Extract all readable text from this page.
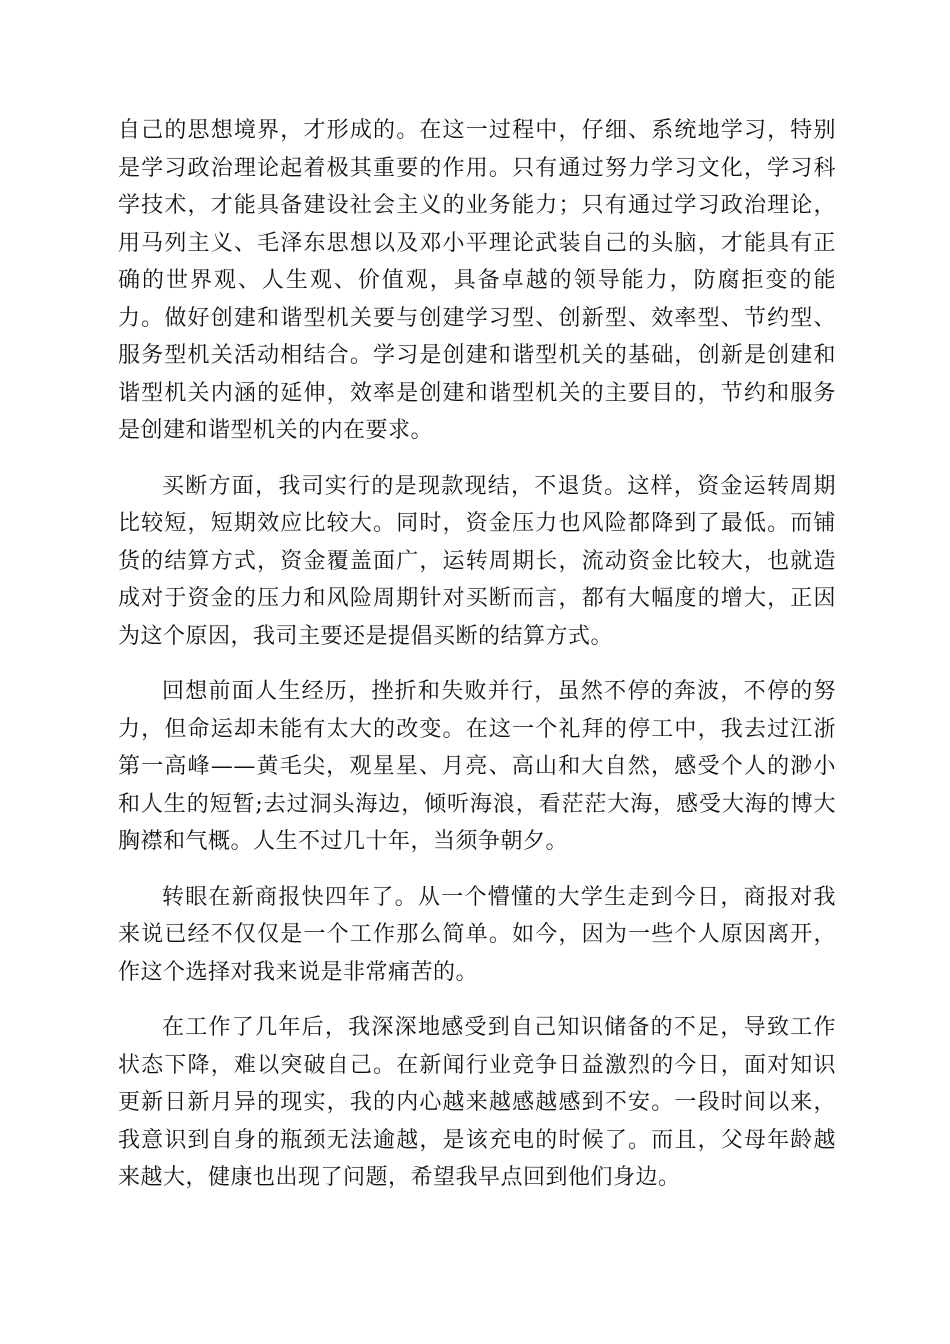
自己的思想境界，才形成的。在这一过程中，仔细、系统地学习，特别是学习政治理论起着极其重要的作用。只有通过努力学习文化，学习科学技术，才能具备建设社会主义的业务能力；只有通过学习政治理论，用马列主义、毛泽东思想以及邓小平理论武装自己的头脑，才能具有正确的世界观、人生观、价值观，具备卓越的领导能力，防腐拒变的能力。做好创建和谐型机关要与创建学习型、创新型、效率型、节约型、服务型机关活动相结合。学习是创建和谐型机关的基础，创新是创建和谐型机关内涵的延伸，效率是创建和谐型机关的主要目的，节约和服务是创建和谐型机关的内在要求。

买断方面，我司实行的是现款现结，不退货。这样，资金运转周期比较短，短期效应比较大。同时，资金压力也风险都降到了最低。而铺货的结算方式，资金覆盖面广，运转周期长，流动资金比较大，也就造成对于资金的压力和风险周期针对买断而言，都有大幅度的增大，正因为这个原因，我司主要还是提倡买断的结算方式。

回想前面人生经历，挫折和失败并行，虽然不停的奔波，不停的努力，但命运却未能有太大的改变。在这一个礼拜的停工中，我去过江浙第一高峰——黄毛尖，观星星、月亮、高山和大自然，感受个人的渺小和人生的短暂;去过洞头海边，倾听海浪，看茫茫大海，感受大海的博大胸襟和气概。人生不过几十年，当须争朝夕。

转眼在新商报快四年了。从一个懵懂的大学生走到今日，商报对我来说已经不仅仅是一个工作那么简单。如今，因为一些个人原因离开，作这个选择对我来说是非常痛苦的。

在工作了几年后，我深深地感受到自己知识储备的不足，导致工作状态下降，难以突破自己。在新闻行业竞争日益激烈的今日，面对知识更新日新月异的现实，我的内心越来越感越感到不安。一段时间以来，我意识到自身的瓶颈无法逾越，是该充电的时候了。而且，父母年龄越来越大，健康也出现了问题，希望我早点回到他们身边。
